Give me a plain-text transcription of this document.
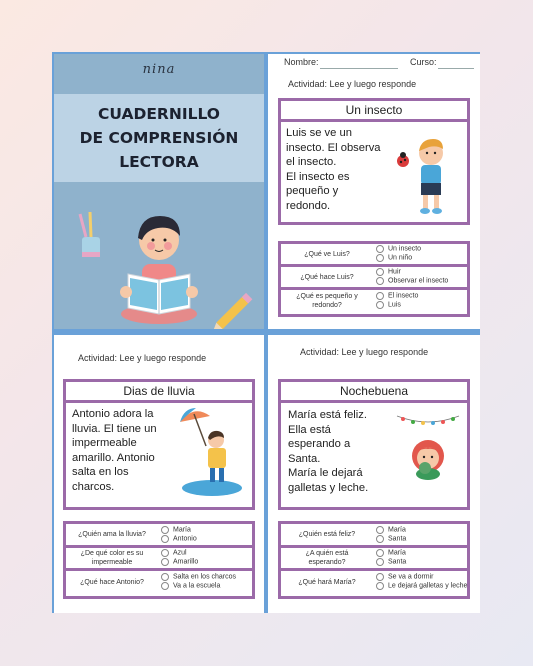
nina
CUADERNILLO
DE COMPRENSIÓN
LECTORA
Nombre:	Curso:
Actividad: Lee y luego responde
Un insecto
Luis se ve un
insecto. El observa
el insecto.
El insecto es
pequeño y
redondo.
¿Qué ve Luis?
Un insecto
Un niño
¿Qué hace Luis?
Huir
Observar el insecto
¿Qué es pequeño y
redondo?
El insecto
Luis
Actividad: Lee y luego responde
Dias de lluvia
Antonio adora la
lluvia. El tiene un
impermeable
amarillo. Antonio
salta en los
charcos.
¿Quién ama la lluvia?
María
Antonio
¿De qué color es su
impermeable
Azul
Amarillo
¿Qué hace Antonio?
Salta en los charcos
Va a la escuela
Actividad: Lee y luego responde
Nochebuena
María está feliz.
Ella está
esperando a
Santa.
María le dejará
galletas y leche.
¿Quién está feliz?
María
Santa
¿A quién está
esperando?
María
Santa
¿Qué hará María?
Se va a dormir
Le dejará galletas y leche
